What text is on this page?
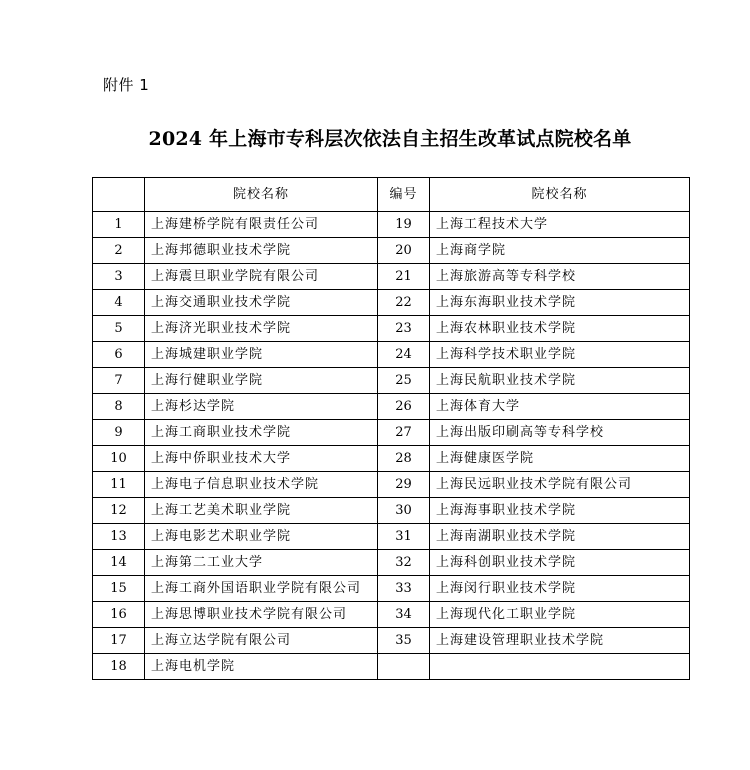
附件 1
2024 年上海市专科层次依法自主招生改革试点院校名单
	院校名称	编号	院校名称
1	上海建桥学院有限责任公司	19	上海工程技术大学
2	上海邦德职业技术学院	20	上海商学院
3	上海震旦职业学院有限公司	21	上海旅游高等专科学校
4	上海交通职业技术学院	22	上海东海职业技术学院
5	上海济光职业技术学院	23	上海农林职业技术学院
6	上海城建职业学院	24	上海科学技术职业学院
7	上海行健职业学院	25	上海民航职业技术学院
8	上海杉达学院	26	上海体育大学
9	上海工商职业技术学院	27	上海出版印刷高等专科学校
10	上海中侨职业技术大学	28	上海健康医学院
11	上海电子信息职业技术学院	29	上海民远职业技术学院有限公司
12	上海工艺美术职业学院	30	上海海事职业技术学院
13	上海电影艺术职业学院	31	上海南湖职业技术学院
14	上海第二工业大学	32	上海科创职业技术学院
15	上海工商外国语职业学院有限公司	33	上海闵行职业技术学院
16	上海思博职业技术学院有限公司	34	上海现代化工职业学院
17	上海立达学院有限公司	35	上海建设管理职业技术学院
18	上海电机学院		
